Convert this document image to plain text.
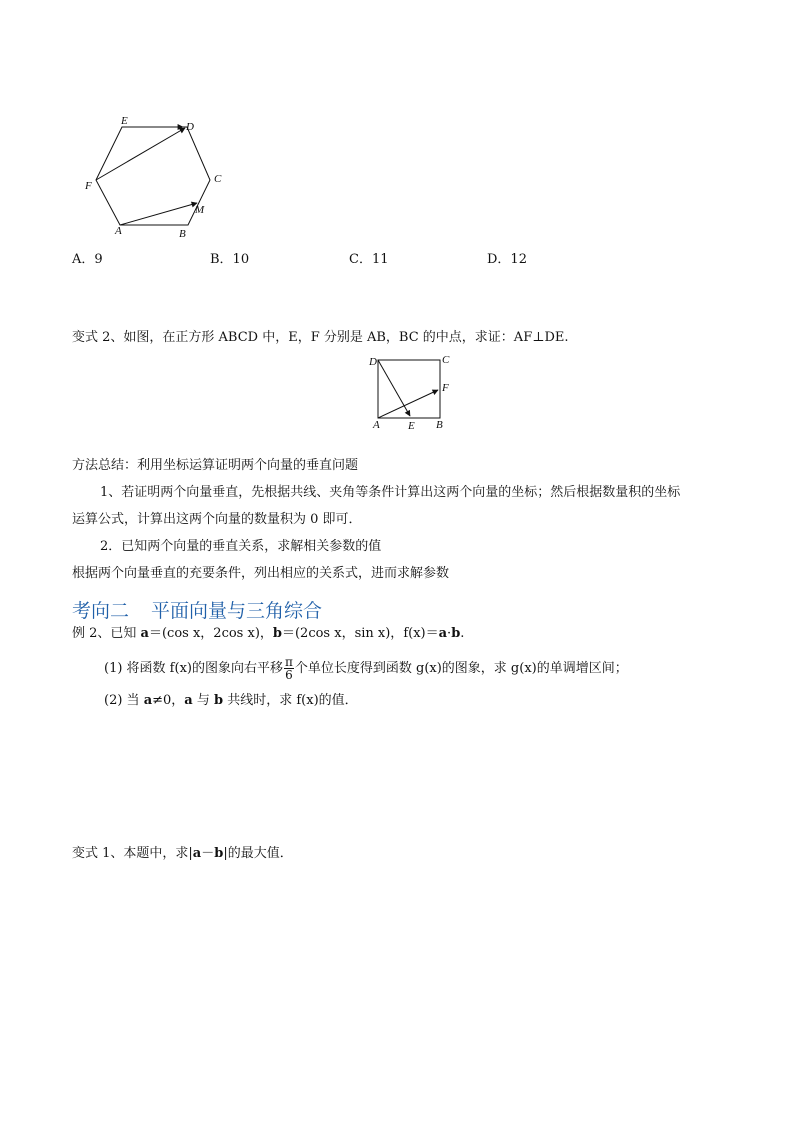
E	D
C
F
M
A	B
A．9	B．10	C．11	D．12
变式 2、如图，在正方形 ABCD 中，E，F 分别是 AB，BC 的中点，求证：AF⊥DE.
D	C
F
A	E B
方法总结：利用坐标运算证明两个向量的垂直问题
1、若证明两个向量垂直，先根据共线、夹角等条件计算出这两个向量的坐标；然后根据数量积的坐标
运算公式，计算出这两个向量的数量积为 0 即可．
2．已知两个向量的垂直关系，求解相关参数的值
根据两个向量垂直的充要条件，列出相应的关系式，进而求解参数
考向二 平面向量与三角综合
例 2、已知 a＝(cos x，2cos x)，b＝(2cos x，sin x)，f(x)＝a·b.
(1) 将函数 f(x)的图象向右平移 $\frac{\pi}{6}$ 个单位长度得到函数 g(x)的图象，求 g(x)的单调增区间；
(2) 当 a≠0，a 与 b 共线时，求 f(x)的值．
变式 1、本题中，求|a－b|的最大值．
